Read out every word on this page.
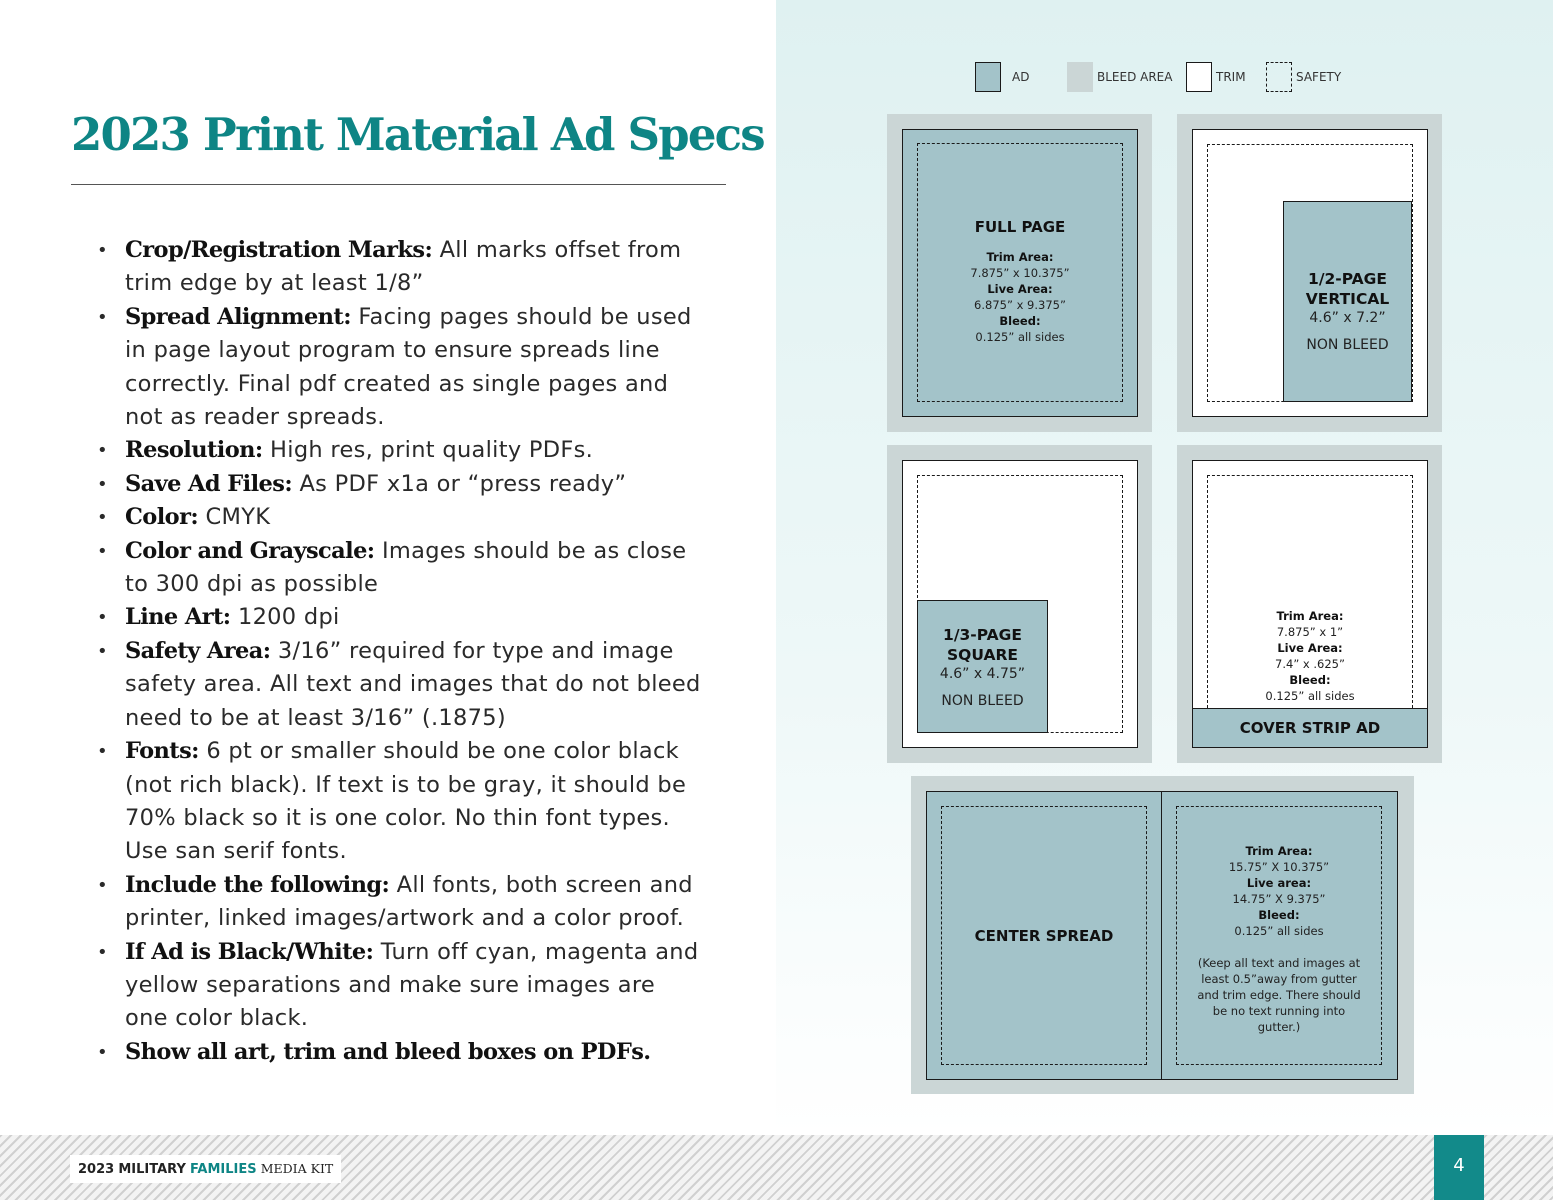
2023 Print Material Ad Specs
• Crop/Registration Marks: All marks offset from trim edge by at least 1/8”
• Spread Alignment: Facing pages should be used in page layout program to ensure spreads line correctly. Final pdf created as single pages and not as reader spreads.
• Resolution: High res, print quality PDFs.
• Save Ad Files: As PDF x1a or “press ready”
• Color: CMYK
• Color and Grayscale: Images should be as close to 300 dpi as possible
• Line Art: 1200 dpi
• Safety Area: 3/16” required for type and image safety area. All text and images that do not bleed need to be at least 3/16” (.1875)
• Fonts: 6 pt or smaller should be one color black (not rich black). If text is to be gray, it should be 70% black so it is one color. No thin font types. Use san serif fonts.
• Include the following: All fonts, both screen and printer, linked images/artwork and a color proof.
• If Ad is Black/White: Turn off cyan, magenta and yellow separations and make sure images are one color black.
• Show all art, trim and bleed boxes on PDFs.
AD	BLEED AREA	TRIM	SAFETY
FULL PAGE
Trim Area:
7.875” x 10.375”
Live Area:
6.875” x 9.375”
Bleed:
0.125” all sides
1/2-PAGE
VERTICAL
4.6” x 7.2”
NON BLEED
1/3-PAGE
SQUARE
4.6” x 4.75”
NON BLEED
Trim Area:
7.875” x 1”
Live Area:
7.4” x .625”
Bleed:
0.125” all sides
COVER STRIP AD
CENTER SPREAD
Trim Area:
15.75” X 10.375”
Live area:
14.75” X 9.375”
Bleed:
0.125” all sides
(Keep all text and images at least 0.5”away from gutter and trim edge. There should be no text running into gutter.)
2023 MILITARY FAMILIES MEDIA KIT	4
